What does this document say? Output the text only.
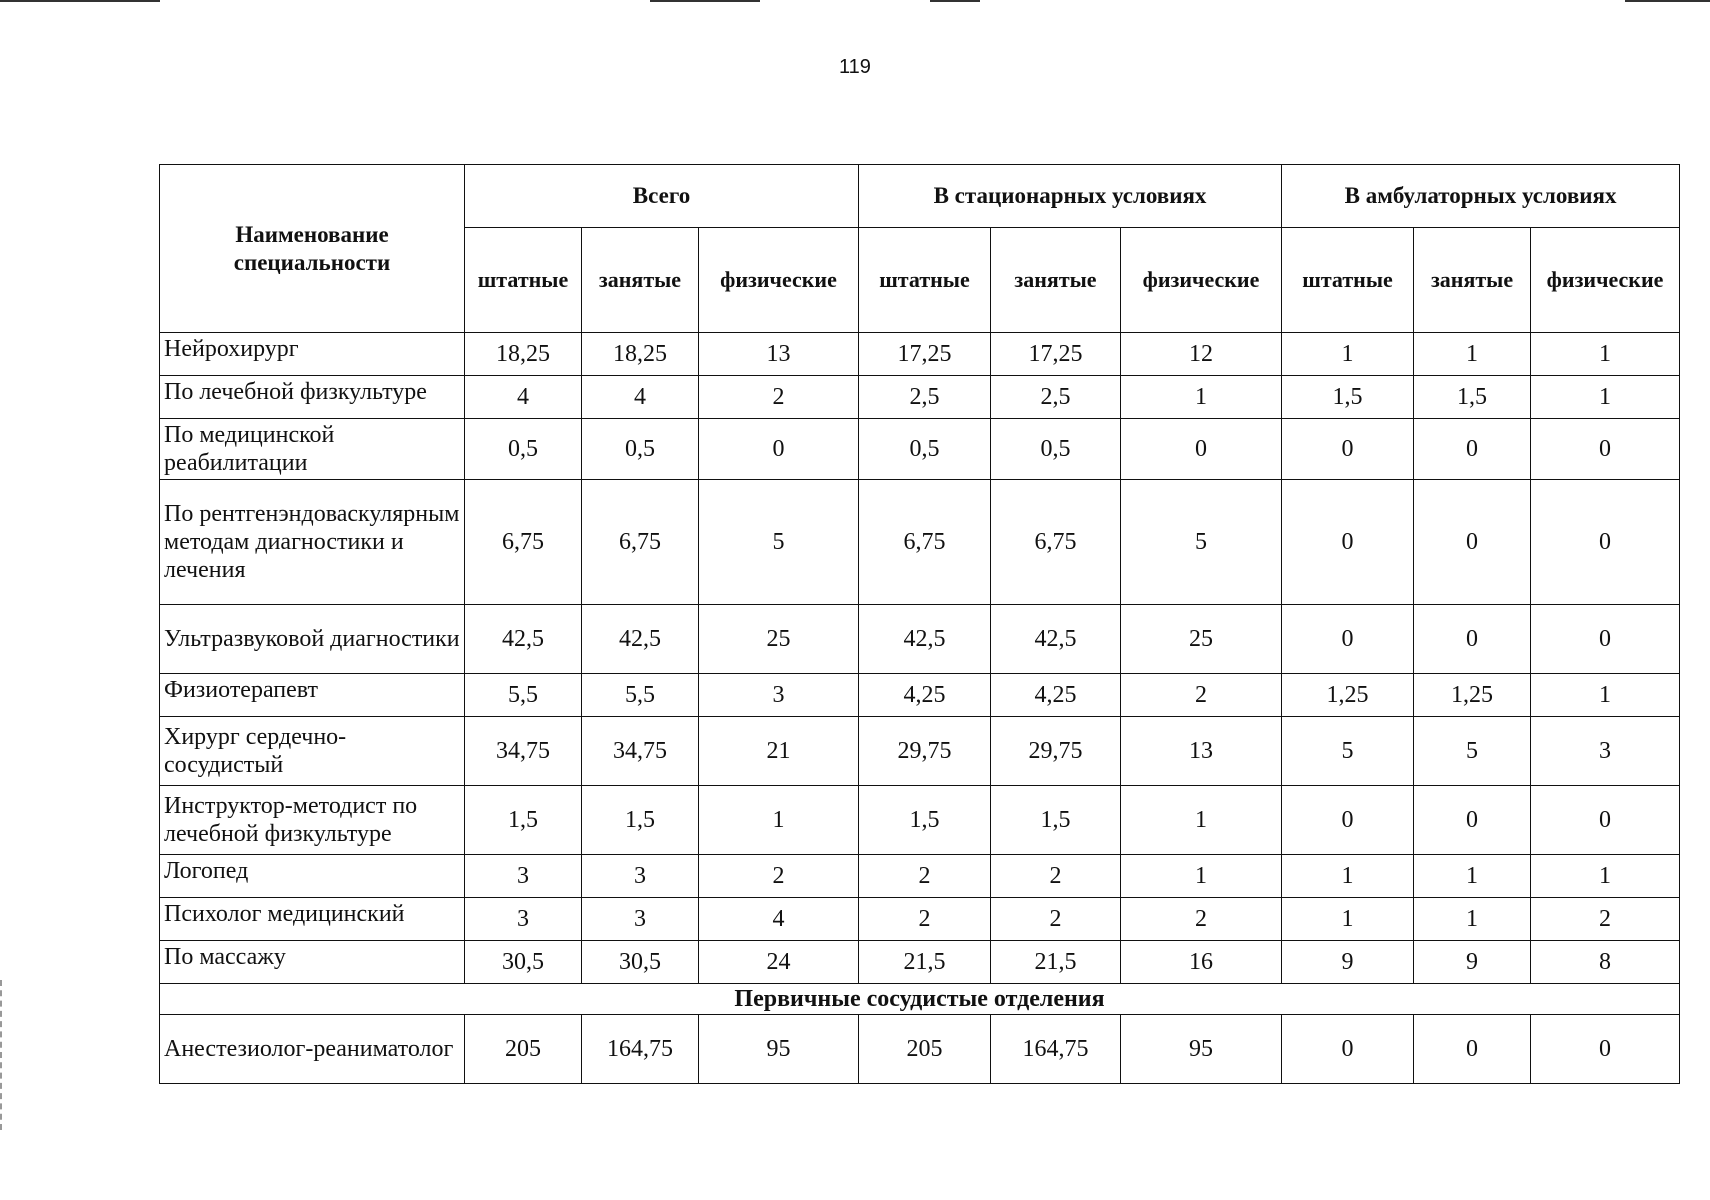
119
Наименование специальности	Всего			В стационарных условиях			В амбулаторных условиях		
	штатные	занятые	физические	штатные	занятые	физические	штатные	занятые	физические
Нейрохирург	18,25	18,25	13	17,25	17,25	12	1	1	1
По лечебной физкультуре	4	4	2	2,5	2,5	1	1,5	1,5	1
По медицинской реабилитации	0,5	0,5	0	0,5	0,5	0	0	0	0
По рентгенэндоваскулярным методам диагностики и лечения	6,75	6,75	5	6,75	6,75	5	0	0	0
Ультразвуковой диагностики	42,5	42,5	25	42,5	42,5	25	0	0	0
Физиотерапевт	5,5	5,5	3	4,25	4,25	2	1,25	1,25	1
Хирург сердечно-сосудистый	34,75	34,75	21	29,75	29,75	13	5	5	3
Инструктор-методист по лечебной физкультуре	1,5	1,5	1	1,5	1,5	1	0	0	0
Логопед	3	3	2	2	2	1	1	1	1
Психолог медицинский	3	3	4	2	2	2	1	1	2
По массажу	30,5	30,5	24	21,5	21,5	16	9	9	8
Первичные сосудистые отделения									
Анестезиолог-реаниматолог	205	164,75	95	205	164,75	95	0	0	0
